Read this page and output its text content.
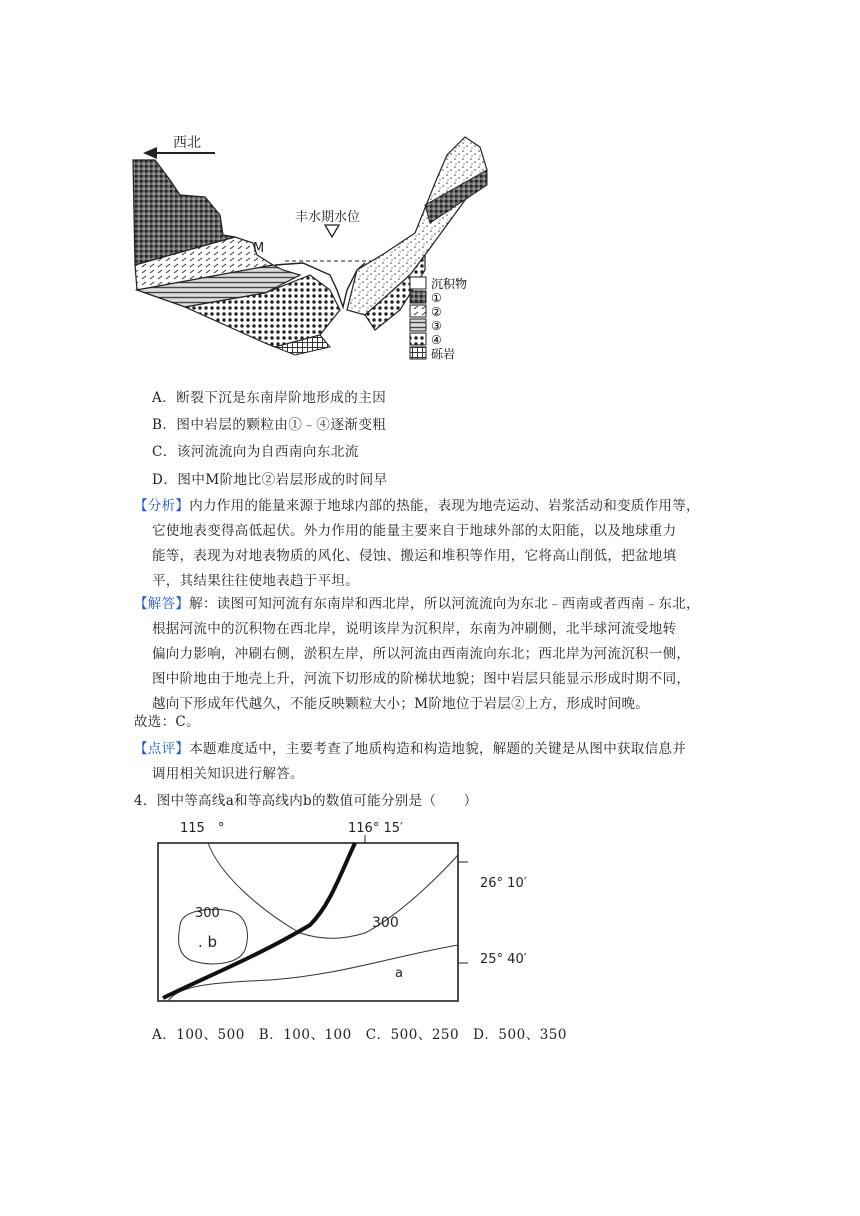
西北
丰水期水位
M
沉积物
①
②
③
④
砾岩
A．断裂下沉是东南岸阶地形成的主因
B．图中岩层的颗粒由①﹣④逐渐变粗
C．该河流流向为自西南向东北流
D．图中M阶地比②岩层形成的时间早
【分析】内力作用的能量来源于地球内部的热能，表现为地壳运动、岩浆活动和变质作用等，
它使地表变得高低起伏。外力作用的能量主要来自于地球外部的太阳能，以及地球重力
能等，表现为对地表物质的风化、侵蚀、搬运和堆积等作用，它将高山削低，把盆地填
平，其结果往往使地表趋于平坦。
【解答】解：读图可知河流有东南岸和西北岸，所以河流流向为东北﹣西南或者西南﹣东北，
根据河流中的沉积物在西北岸，说明该岸为沉积岸，东南为冲刷侧，北半球河流受地转
偏向力影响，冲刷右侧，淤积左岸，所以河流由西南流向东北；西北岸为河流沉积一侧，
图中阶地由于地壳上升，河流下切形成的阶梯状地貌；图中岩层只能显示形成时期不同，
越向下形成年代越久，不能反映颗粒大小；M阶地位于岩层②上方，形成时间晚。
故选：C。
【点评】本题难度适中，主要考查了地质构造和构造地貌，解题的关键是从图中获取信息并
调用相关知识进行解答。
4．图中等高线a和等高线内b的数值可能分别是（　　）
115　°	116° 15′
26° 10′
25° 40′
300
300
. b
a
A．100、500　B．100、100　C．500、250　D．500、350
